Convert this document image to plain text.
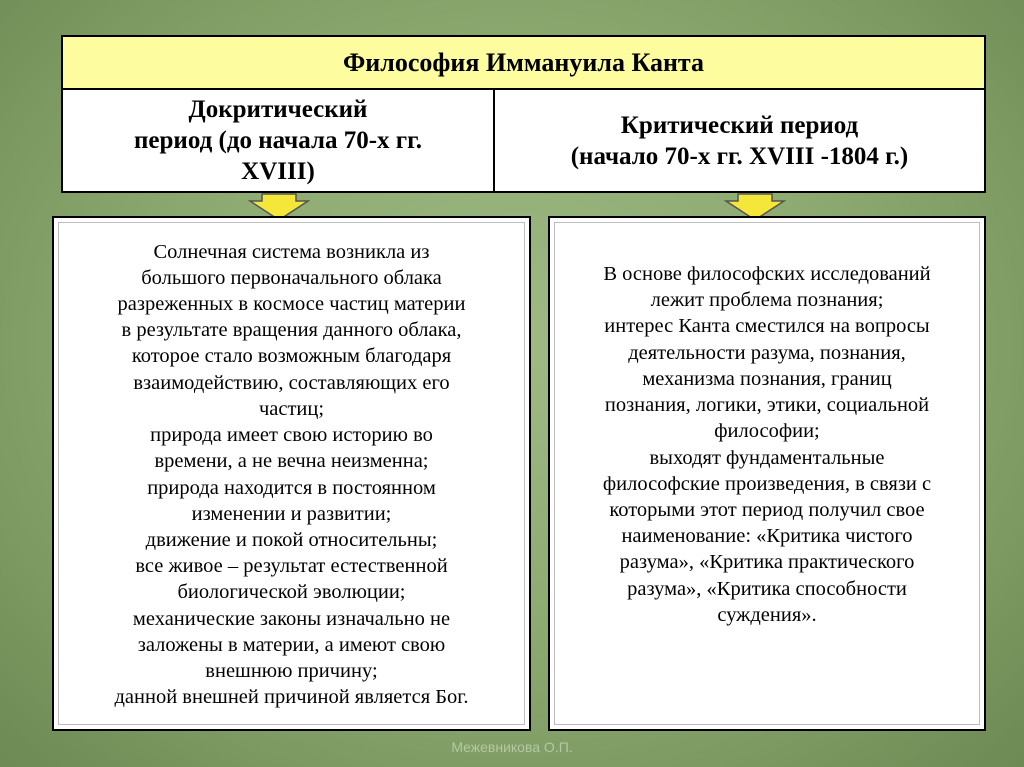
Философия Иммануила Канта
Докритический
период (до начала 70-х гг.
XVIII)
Критический период
(начало 70-х гг. XVIII -1804 г.)
Солнечная система возникла из
большого первоначального облака
разреженных в космосе частиц материи
в результате вращения данного облака,
которое стало возможным благодаря
взаимодействию, составляющих его
частиц;
природа имеет свою историю во
времени, а не вечна неизменна;
природа находится в постоянном
изменении и развитии;
движение и покой относительны;
все живое – результат естественной
биологической эволюции;
механические законы изначально не
заложены в материи, а имеют свою
внешнюю причину;
данной внешней причиной является Бог.
В основе философских исследований
лежит проблема познания;
интерес Канта сместился на вопросы
деятельности разума, познания,
механизма познания, границ
познания, логики, этики, социальной
философии;
выходят фундаментальные
философские произведения, в связи с
которыми этот период получил свое
наименование: «Критика чистого
разума», «Критика практического
разума», «Критика способности
суждения».
Межевникова О.П.
